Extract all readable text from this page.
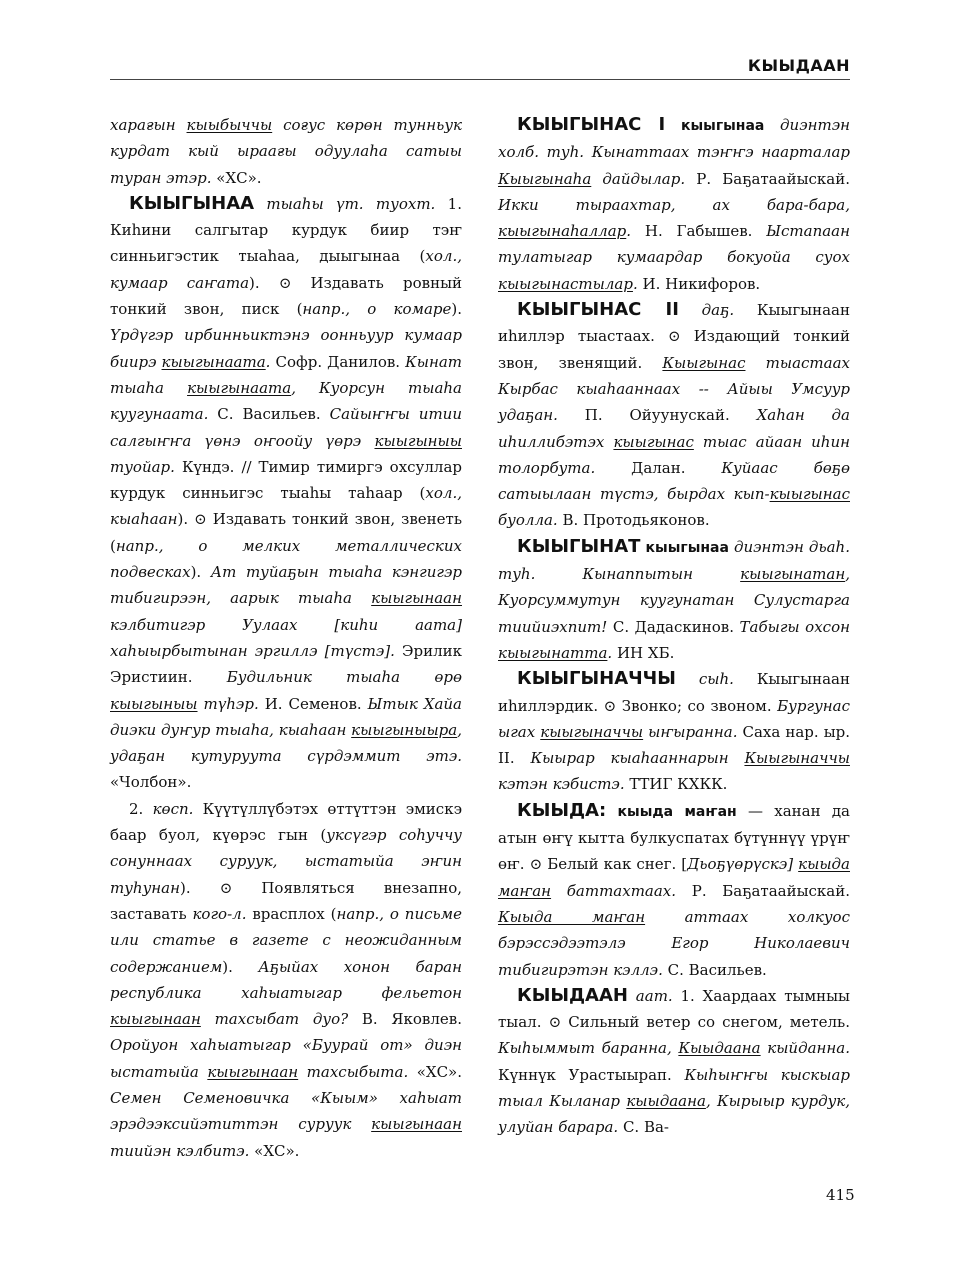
КЫЫДААН

харағын кыыбыччы соғус көрөн тунньук курдат кый ыраағы одуулаһа сатыы туран этэр. «ХС».

КЫЫГЫНАА тыаһы үт. туохт. 1. Киһини салгытар курдук биир тэҥ синньигэстик тыаһаа, дыыгынаа (хол., кумаар саҥата). ⊙ Издавать ровный тонкий звон, писк (напр., о комаре). Үрдүгэр ирбинньиктэнэ оонньуур кумаар биирэ кыыгынаата. Софр. Данилов. Кынат тыаһа кыыгынаата, Куорсун тыаһа куугунаата. С. Васильев. Сайыҥҥы итии салгыҥҥа үөнэ оҥоойу үөрэ кыыгыныы туойар. Күндэ. // Тимир тимиргэ охсуллар курдук синньигэс тыаһы таһаар (хол., кыаһаан). ⊙ Издавать тонкий звон, звенеть (напр., о мелких металлических подвесках). Ат туйаҕын тыаһа кэнгигэр тибигирээн, аарык тыаһа кыыгынаан кэлбитигэр Уулаах [киһи аата] хаһыырбытынан эргиллэ [түстэ]. Эрилик Эристиин. Будильник тыаһа өрө кыыгыныы түһэр. И. Семенов. Ытык Хайа диэки дуҥур тыаһа, кыаһаан кыыгыныыра, удаҕан кутуруута сүрдэммит этэ. «Чолбон».

2. көсп. Күүтүллүбэтэх өттүттэн эмискэ баар буол, күөрэс гын (уксүгэр соһуччу сонуннаах суруук, ыстатыйа эҥин туһунан). ⊙ Появляться внезапно, заставать кого-л. врасплох (напр., о письме или статье в газете с неожиданным содержанием). Аҕыйах хонон баран республика хаһыатыгар фельетон кыыгынаан тахсыбат дуо? В. Яковлев. Оройуон хаһыатыгар «Буурай от» диэн ыстатыйа кыыгынаан тахсыбыта. «ХС». Семен Семеновичка «Кыым» хаһыат эрэдээксийэтиттэн суруук кыыгынаан тиийэн кэлбитэ. «ХС».

КЫЫГЫНАС I кыыгынаа диэнтэн холб. туһ. Кынаттаах тэҥҥэ наарталар Кыыгынаһа дайдылар. Р. Баҕатаайыскай. Икки тыраахтар, ах бара-бара, кыыгынаһаллар. Н. Габышев. Ыстапаан тулатыгар кумаардар бокуойа суох кыыгынастылар. И. Никифоров.

КЫЫГЫНАС II даҕ. Кыыгынаан иһиллэр тыастаах. ⊙ Издающий тонкий звон, звенящий. Кыыгынас тыастаах Кырбас кыаһааннаах -- Айыы Умсуур удаҕан. П. Ойуунускай. Хаһан да иһиллибэтэх кыыгынас тыас айаан иһин толорбута. Далан. Куйаас бөҕө сатыылаан түстэ, бырдах кып-кыыгынас буолла. В. Протодьяконов.

КЫЫГЫНАТ кыыгынаа диэнтэн дьаһ. туһ. Кынаппытын кыыгынатан, Куорсуммутун куугунатан Сулустарга тиийиэхпит! С. Дадаскинов. Табыгы охсон кыыгынатта. ИН ХБ.

КЫЫГЫНАЧЧЫ сыһ. Кыыгынаан иһиллэрдик. ⊙ Звонко; со звоном. Бургунас ыгах кыыгыначчы ыҥыранна. Саха нар. ыр. II. Кыырар кыаһааннарын Кыыгыначчы кэтэн кэбистэ. ТТИГ КХКК.

КЫЫДА: кыыда маҥан — ханан да атын өҥү кытта булкуспатах бүтүннүү үрүҥ өҥ. ⊙ Белый как снег. [Дьоҕүөрүскэ] кыыда маҥан баттахтаах. Р. Баҕатаайыскай. Кыыда маҥан аттаах холкуос бэрэссэдээтэлэ Егор Николаевич тибигирэтэн кэллэ. С. Васильев.

КЫЫДААН аат. 1. Хаардаах тымныы тыал. ⊙ Сильный ветер со снегом, метель. Кыһыммыт баранна, Кыыдаана кыйданна. Күннүк Урастыырап. Кыһыҥҥы кыскыар тыал Кыланар кыыдаана, Кырыыр курдук, улуйан барара. С. Ва-

415
